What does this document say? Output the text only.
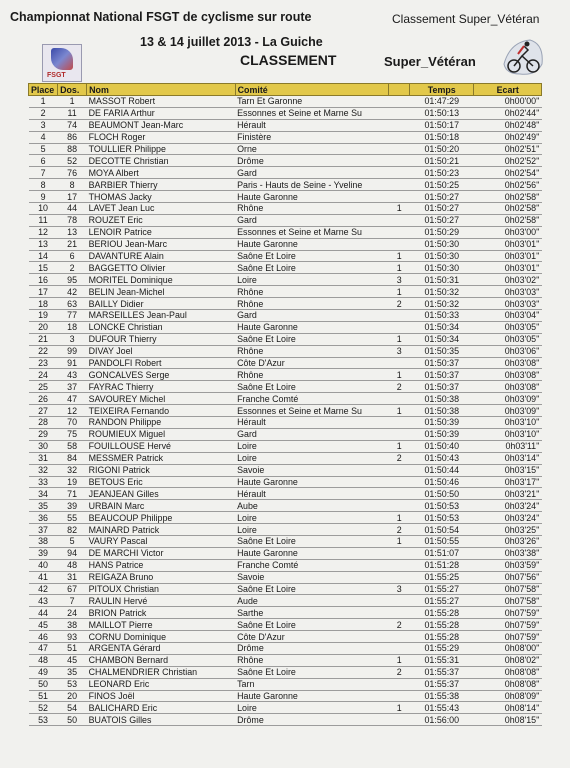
Championnat National FSGT de cyclisme sur route	Classement Super_Vétéran
FSGT
13 & 14 juillet 2013 - La Guiche
CLASSEMENT	Super_Vétéran
Place	Dos.	Nom	Comité		Temps	Ecart
1	1	MASSOT Robert	Tarn Et Garonne		01:47:29	0h00'00''
2	11	DE FARIA Arthur	Essonnes et Seine et Marne Su		01:50:13	0h02'44''
3	74	BEAUMONT Jean-Marc	Hérault		01:50:17	0h02'48''
4	86	FLOCH Roger	Finistère		01:50:18	0h02'49''
5	88	TOULLIER Philippe	Orne		01:50:20	0h02'51''
6	52	DECOTTE Christian	Drôme		01:50:21	0h02'52''
7	76	MOYA Albert	Gard		01:50:23	0h02'54''
8	8	BARBIER Thierry	Paris - Hauts de Seine - Yveline		01:50:25	0h02'56''
9	17	THOMAS Jacky	Haute Garonne		01:50:27	0h02'58''
10	44	LAVET Jean Luc	Rhône	1	01:50:27	0h02'58''
11	78	ROUZET Eric	Gard		01:50:27	0h02'58''
12	13	LENOIR Patrice	Essonnes et Seine et Marne Su		01:50:29	0h03'00''
13	21	BERIOU Jean-Marc	Haute Garonne		01:50:30	0h03'01''
14	6	DAVANTURE Alain	Saône Et Loire	1	01:50:30	0h03'01''
15	2	BAGGETTO Olivier	Saône Et Loire	1	01:50:30	0h03'01''
16	95	MORITEL Dominique	Loire	3	01:50:31	0h03'02''
17	42	BELIN Jean-Michel	Rhône	1	01:50:32	0h03'03''
18	63	BAILLY Didier	Rhône	2	01:50:32	0h03'03''
19	77	MARSEILLES Jean-Paul	Gard		01:50:33	0h03'04''
20	18	LONCKE Christian	Haute Garonne		01:50:34	0h03'05''
21	3	DUFOUR Thierry	Saône Et Loire	1	01:50:34	0h03'05''
22	99	DIVAY Joel	Rhône	3	01:50:35	0h03'06''
23	91	PANDOLFI Robert	Côte D'Azur		01:50:37	0h03'08''
24	43	GONCALVES Serge	Rhône	1	01:50:37	0h03'08''
25	37	FAYRAC Thierry	Saône Et Loire	2	01:50:37	0h03'08''
26	47	SAVOUREY Michel	Franche Comté		01:50:38	0h03'09''
27	12	TEIXEIRA Fernando	Essonnes et Seine et Marne Su	1	01:50:38	0h03'09''
28	70	RANDON Philippe	Hérault		01:50:39	0h03'10''
29	75	ROUMIEUX Miguel	Gard		01:50:39	0h03'10''
30	58	FOUILLOUSE Hervé	Loire	1	01:50:40	0h03'11''
31	84	MESSMER Patrick	Loire	2	01:50:43	0h03'14''
32	32	RIGONI Patrick	Savoie		01:50:44	0h03'15''
33	19	BETOUS Eric	Haute Garonne		01:50:46	0h03'17''
34	71	JEANJEAN Gilles	Hérault		01:50:50	0h03'21''
35	39	URBAIN Marc	Aube		01:50:53	0h03'24''
36	55	BEAUCOUP Philippe	Loire	1	01:50:53	0h03'24''
37	82	MAINARD Patrick	Loire	2	01:50:54	0h03'25''
38	5	VAURY Pascal	Saône Et Loire	1	01:50:55	0h03'26''
39	94	DE MARCHI Victor	Haute Garonne		01:51:07	0h03'38''
40	48	HANS Patrice	Franche Comté		01:51:28	0h03'59''
41	31	REIGAZA Bruno	Savoie		01:55:25	0h07'56''
42	67	PITOUX Christian	Saône Et Loire	3	01:55:27	0h07'58''
43	7	RAULIN Hervé	Aude		01:55:27	0h07'58''
44	24	BRION Patrick	Sarthe		01:55:28	0h07'59''
45	38	MAILLOT Pierre	Saône Et Loire	2	01:55:28	0h07'59''
46	93	CORNU Dominique	Côte D'Azur		01:55:28	0h07'59''
47	51	ARGENTA Gérard	Drôme		01:55:29	0h08'00''
48	45	CHAMBON Bernard	Rhône	1	01:55:31	0h08'02''
49	35	CHALMENDRIER Christian	Saône Et Loire	2	01:55:37	0h08'08''
50	53	LEONARD Eric	Tarn		01:55:37	0h08'08''
51	20	FINOS Joël	Haute Garonne		01:55:38	0h08'09''
52	54	BALICHARD Eric	Loire	1	01:55:43	0h08'14''
53	50	BUATOIS Gilles	Drôme		01:56:00	0h08'15''
